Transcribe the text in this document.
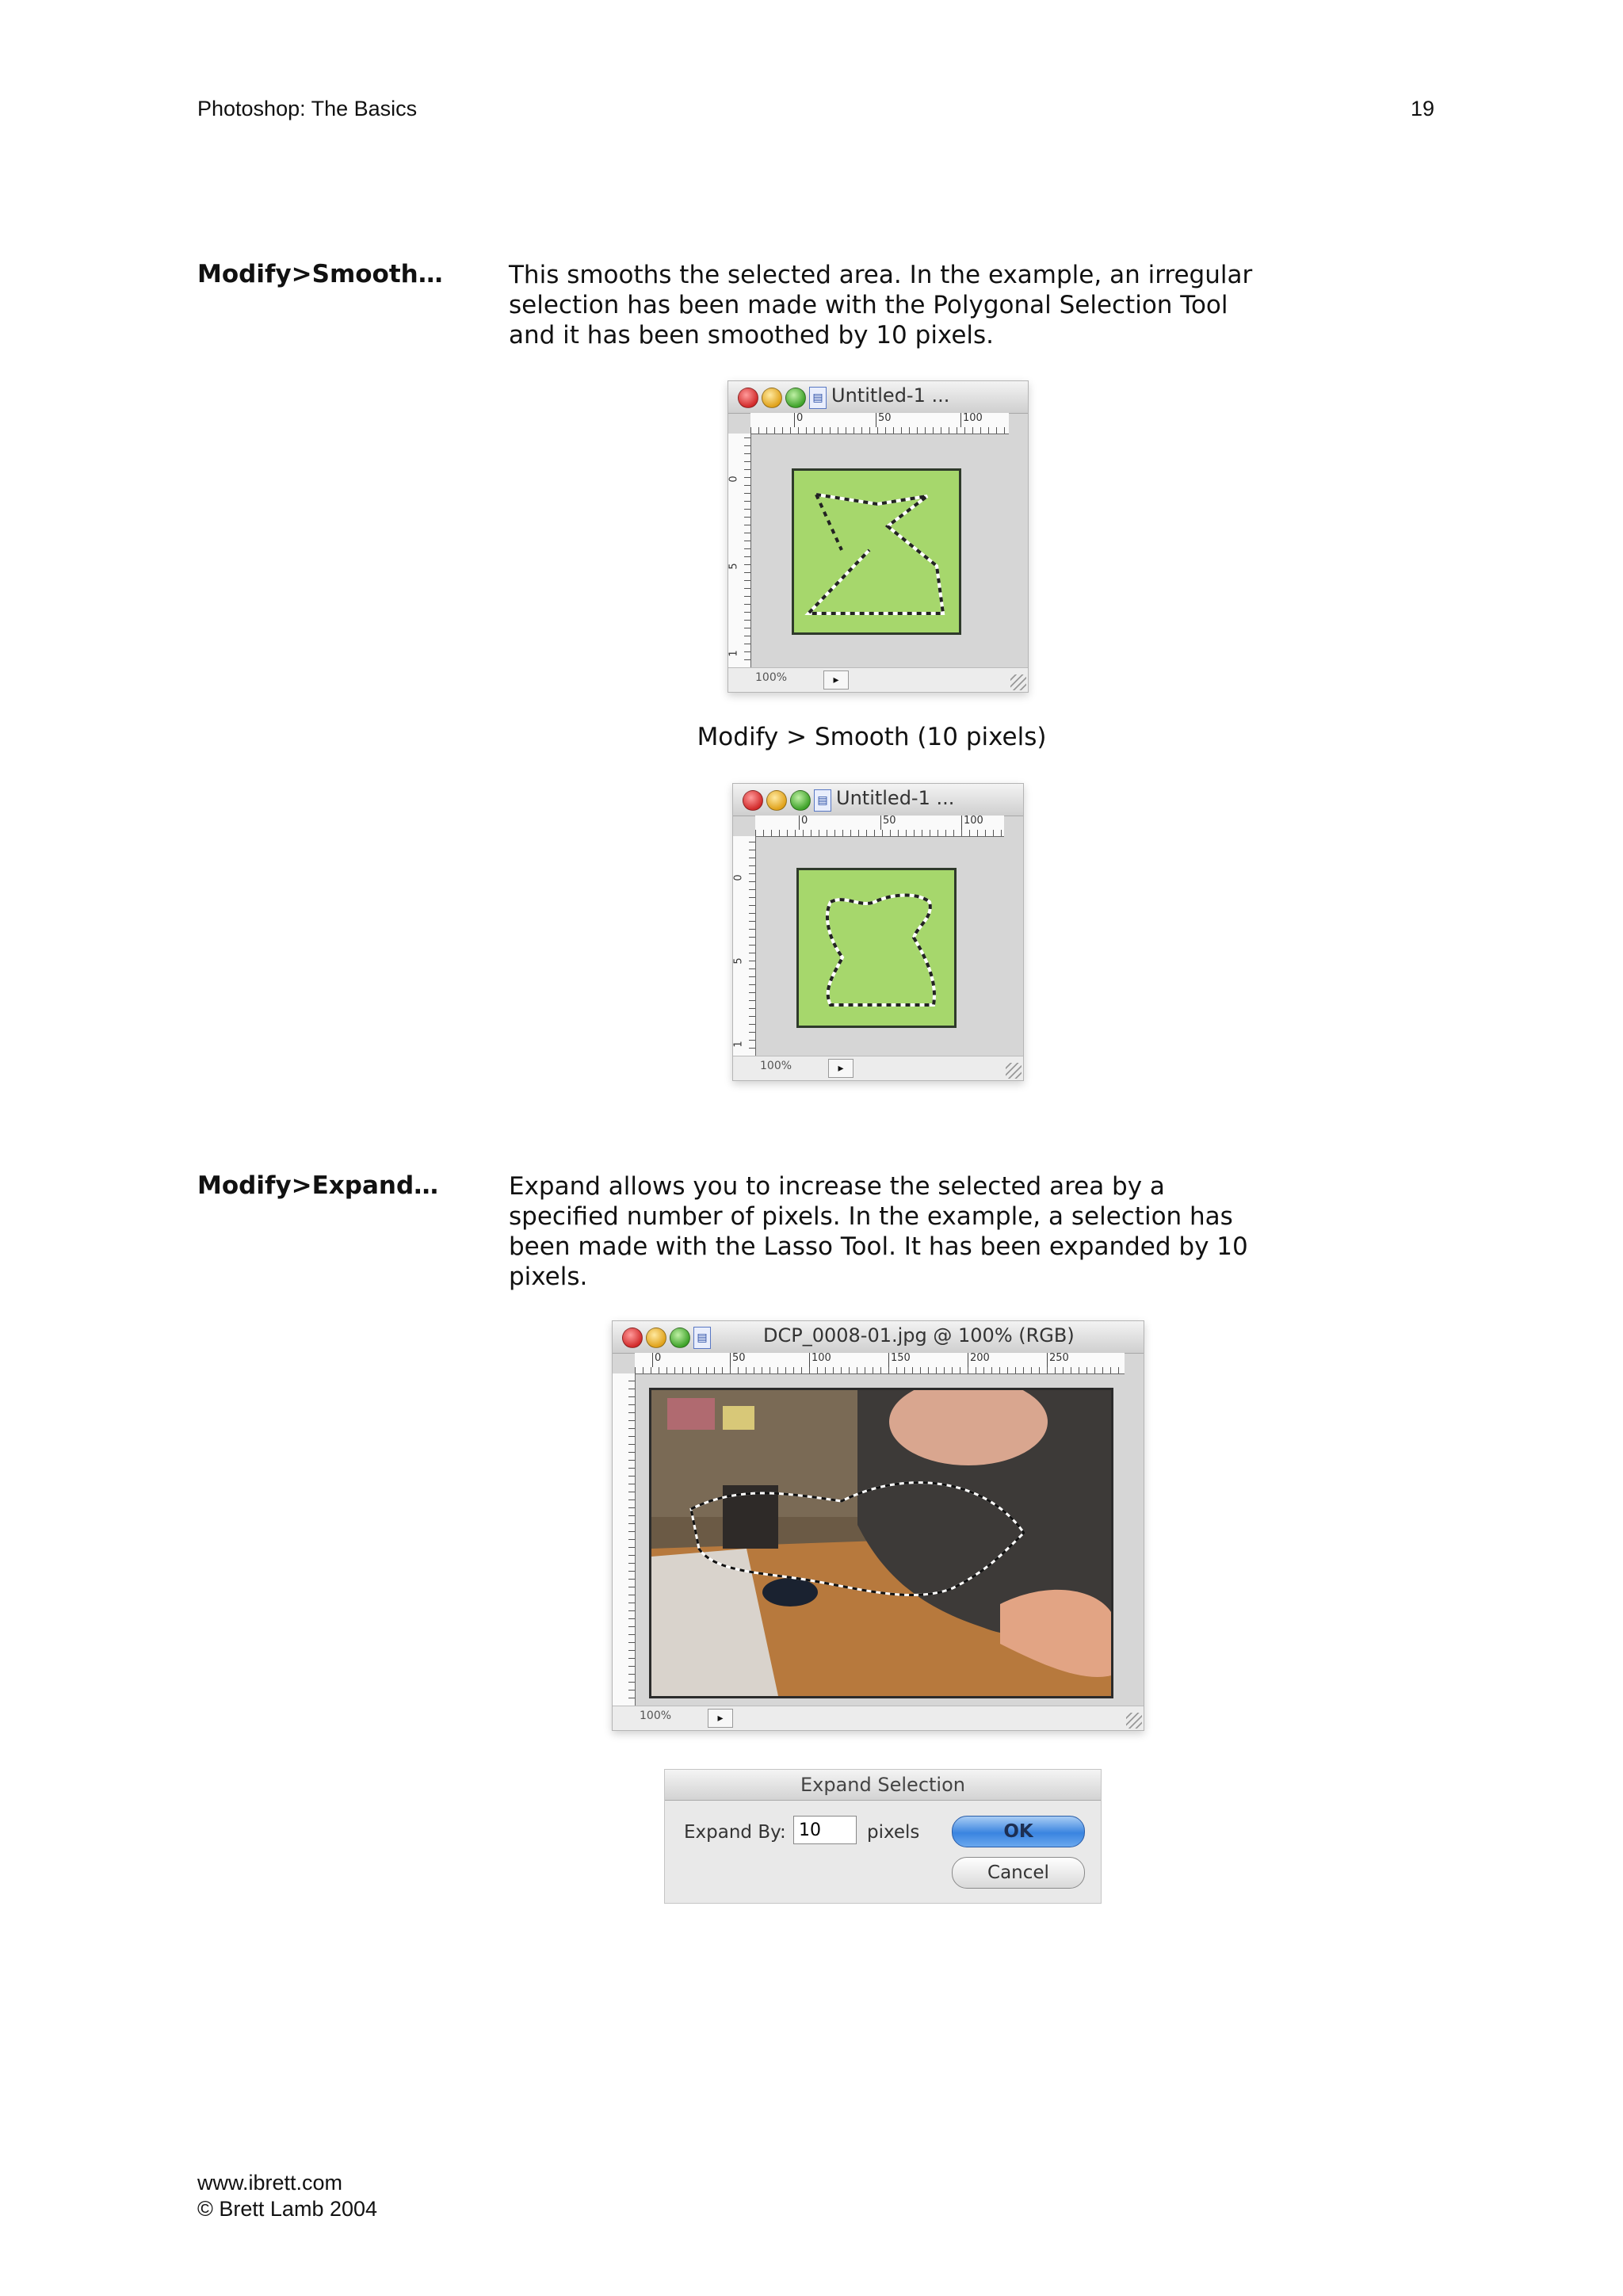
Photoshop: The Basics	19
Modify>Smooth…	This smooths the selected area. In the example, an irregular selection has been made with the Polygonal Selection Tool and it has been smoothed by 10 pixels.
▤ Untitled-1 ...
0	50	100
0
5
1
100%	▸
Modify > Smooth (10 pixels)
▤ Untitled-1 ...
0	50	100
0
5
1
100%	▸
Modify>Expand…	Expand allows you to increase the selected area by a specified number of pixels. In the example, a selection has been made with the Lasso Tool. It has been expanded by 10 pixels.
▤	DCP_0008-01.jpg @ 100% (RGB)
0	50	100	150	200	250
100%	▸
Expand Selection
Expand By:
10	pixels	OK
Cancel
www.ibrett.com
© Brett Lamb 2004
